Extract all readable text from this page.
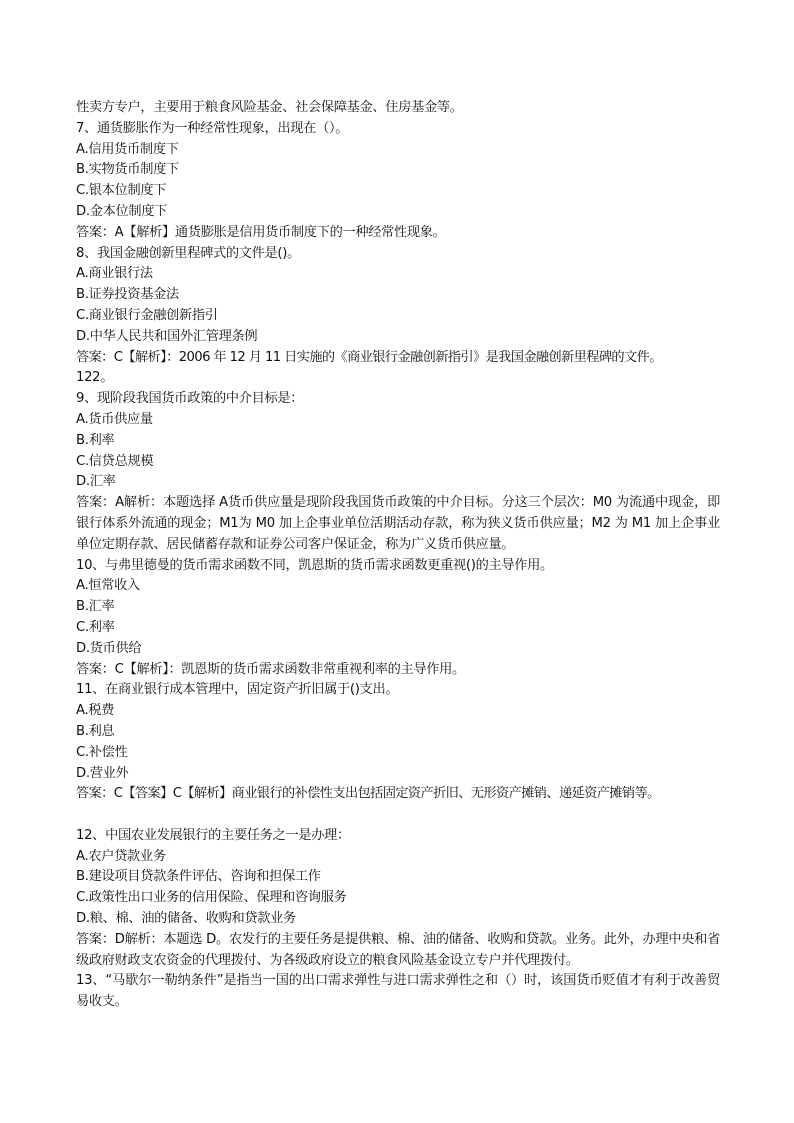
性卖方专户，主要用于粮食风险基金、社会保障基金、住房基金等。
7、通货膨胀作为一种经常性现象，出现在（）。
A.信用货币制度下
B.实物货币制度下
C.银本位制度下
D.金本位制度下
答案：A【解析】通货膨胀是信用货币制度下的一种经常性现象。
8、我国金融创新里程碑式的文件是()。
A.商业银行法
B.证券投资基金法
C.商业银行金融创新指引
D.中华人民共和国外汇管理条例
答案：C【解析】：2006 年 12 月 11 日实施的《商业银行金融创新指引》是我国金融创新里程碑的文件。
122。
9、现阶段我国货币政策的中介目标是：
A.货币供应量
B.利率
C.信贷总规模
D.汇率
答案：A解析：本题选择 A货币供应量是现阶段我国货币政策的中介目标。分这三个层次：M0 为流通中现金，即银行体系外流通的现金；M1为 M0 加上企事业单位活期活动存款，称为狭义货币供应量；M2 为 M1 加上企事业单位定期存款、居民储蓄存款和证券公司客户保证金，称为广义货币供应量。
10、与弗里德曼的货币需求函数不同，凯恩斯的货币需求函数更重视()的主导作用。
A.恒常收入
B.汇率
C.利率
D.货币供给
答案：C【解析】：凯恩斯的货币需求函数非常重视利率的主导作用。
11、在商业银行成本管理中，固定资产折旧属于()支出。
A.税费
B.利息
C.补偿性
D.营业外
答案：C【答案】C【解析】商业银行的补偿性支出包括固定资产折旧、无形资产摊销、递延资产摊销等。
12、中国农业发展银行的主要任务之一是办理：
A.农户贷款业务
B.建设项目贷款条件评估、咨询和担保工作
C.政策性出口业务的信用保险、保理和咨询服务
D.粮、棉、油的储备、收购和贷款业务
答案：D解析：本题选 D。农发行的主要任务是提供粮、棉、油的储备、收购和贷款。业务。此外，办理中央和省级政府财政支农资金的代理拨付、为各级政府设立的粮食风险基金设立专户并代理拨付。
13、“马歇尔一勒纳条件”是指当一国的出口需求弹性与进口需求弹性之和（）时，该国货币贬值才有利于改善贸易收支。
